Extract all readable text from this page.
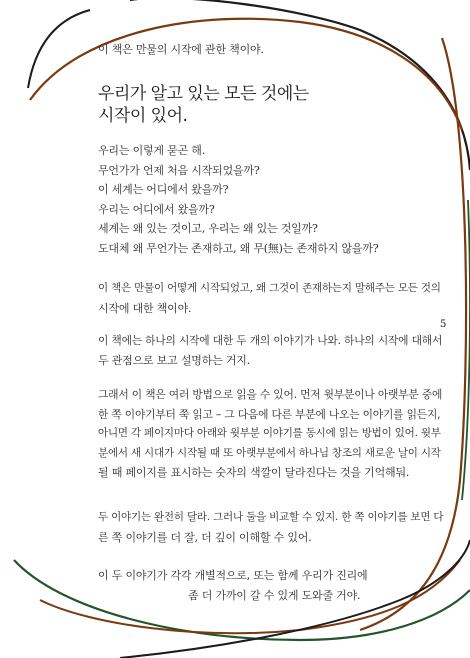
이 책은 만물의 시작에 관한 책이야.

우리가 알고 있는 모든 것에는
시작이 있어.

우리는 이렇게 묻곤 해.
무언가가 언제 처음 시작되었을까?
이 세계는 어디에서 왔을까?
우리는 어디에서 왔을까?
세계는 왜 있는 것이고, 우리는 왜 있는 것일까?
도대체 왜 무언가는 존재하고, 왜 무(無)는 존재하지 않을까?

이 책은 만물이 어떻게 시작되었고, 왜 그것이 존재하는지 말해주는 모든 것의
시작에 대한 책이야.

이 책에는 하나의 시작에 대한 두 개의 이야기가 나와. 하나의 시작에 대해서
두 관점으로 보고 설명하는 거지.

5

그래서 이 책은 여러 방법으로 읽을 수 있어. 먼저 윗부분이나 아랫부분 중에
한 쪽 이야기부터 쭉 읽고 – 그 다음에 다른 부분에 나오는 이야기를 읽든지,
아니면 각 페이지마다 아래와 윗부분 이야기를 동시에 읽는 방법이 있어. 윗부
분에서 새 시대가 시작될 때 또 아랫부분에서 하나님 창조의 새로운 날이 시작
될 때 페이지를 표시하는 숫자의 색깔이 달라진다는 것을 기억해둬.

두 이야기는 완전히 달라. 그러나 둘을 비교할 수 있지. 한 쪽 이야기를 보면 다
른 쪽 이야기를 더 잘, 더 깊이 이해할 수 있어.

이 두 이야기가 각각 개별적으로, 또는 함께 우리가 진리에
좀 더 가까이 갈 수 있게 도와줄 거야.
